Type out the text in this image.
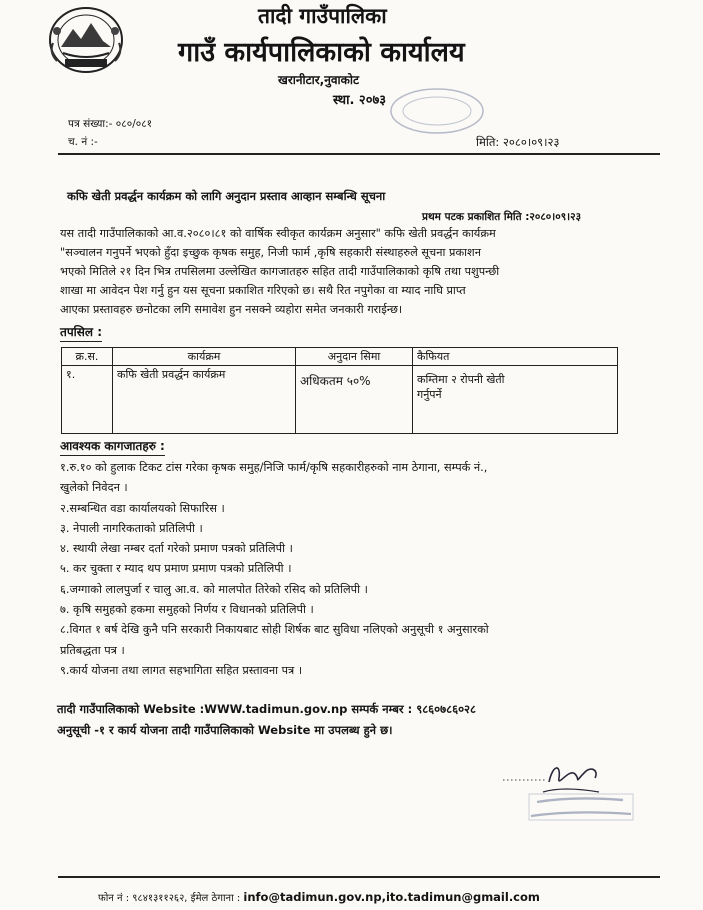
तादी गाउँपालिका
गाउँ कार्यपालिकाको कार्यालय
खरानीटार,नुवाकोट
स्था. २०७३
पत्र संख्या:- ०८०/०८१
च. नं :-	मिति: २०८०।०९।२३
कफि खेती प्रवर्द्धन कार्यक्रम को लागि अनुदान प्रस्ताव आव्हान सम्बन्धि सूचना
प्रथम पटक प्रकाशित मिति :२०८०।०९।२३
यस तादी गाउँपालिकाको आ.व.२०८०।८१ को वार्षिक स्वीकृत कार्यक्रम अनुसार" कफि खेती प्रवर्द्धन कार्यक्रम
"सञ्चालन गनुपर्ने भएको हुँदा इच्छुक कृषक समुह, निजी फार्म ,कृषि सहकारी संस्थाहरुले सूचना प्रकाशन
भएको मितिले २१ दिन भित्र तपसिलमा उल्लेखित कागजातहरु सहित तादी गाउँपालिकाको कृषि तथा पशुपन्छी
शाखा मा आवेदन पेश गर्नु हुन यस सूचना प्रकाशित गरिएको छ। सथै रित नपुगेका वा म्याद नाघि प्राप्त
आएका प्रस्तावहरु छनोटका लगि समावेश हुन नसक्ने व्यहोरा समेत जनकारी गराईन्छ।
तपसिल :
क्र.स.	कार्यक्रम	अनुदान सिमा	कैफियत
१.	कफि खेती प्रवर्द्धन कार्यक्रम	अधिकतम ५०%	कम्तिमा २ रोपनी खेती
गर्नुपर्ने
आवश्यक कागजातहरु :
१.रु.१० को हुलाक टिकट टांस गरेका कृषक समुह/निजि फार्म/कृषि सहकारीहरुको नाम ठेगाना, सम्पर्क नं.,
खुलेको निवेदन ।
२.सम्बन्धित वडा कार्यालयको सिफारिस ।
३. नेपाली नागरिकताको प्रतिलिपी ।
४. स्थायी लेखा नम्बर दर्ता गरेको प्रमाण पत्रको प्रतिलिपी ।
५. कर चुक्ता र म्याद थप प्रमाण प्रमाण पत्रको प्रतिलिपी ।
६.जग्गाको लालपुर्जा र चालु आ.व. को मालपोत तिरेको रसिद को प्रतिलिपी ।
७. कृषि समुहको हकमा समुहको निर्णय र विधानको प्रतिलिपी ।
८.विगत १ बर्ष देखि कुनै पनि सरकारी निकायबाट सोही शिर्षक बाट सुविधा नलिएको अनुसूची १ अनुसारको
प्रतिबद्धता पत्र ।
९.कार्य योजना तथा लागत सहभागिता सहित प्रस्तावना पत्र ।
तादी गाउँपालिकाको Website :WWW.tadimun.gov.np सम्पर्क नम्बर : ९८६०७८६०२८
अनुसूची -१ र कार्य योजना तादी गाउँपालिकाको Website मा उपलब्ध हुने छ।
फोन नं : ९८४१३११२६२, ईमेल ठेगाना : info@tadimun.gov.np,ito.tadimun@gmail.com
